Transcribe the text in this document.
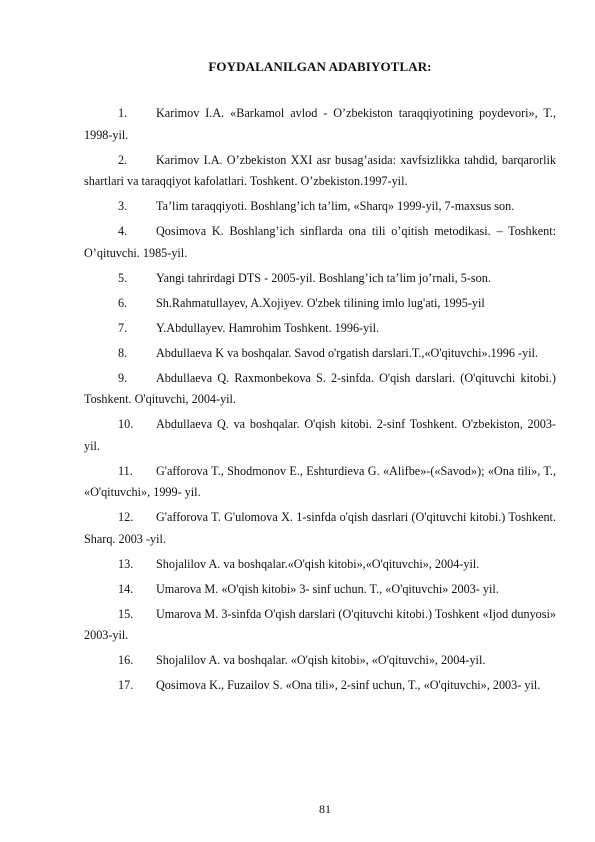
FOYDALANILGAN ADABIYOTLAR:
1. Karimov I.A. «Barkamol avlod - O’zbekiston taraqqiyotining poydevori», T., 1998-yil.
2. Karimov I.A. O’zbekiston XXI asr busag’asida: xavfsizlikka tahdid, barqarorlik shartlari va taraqqiyot kafolatlari. Toshkent. O’zbekiston.1997-yil.
3. Ta’lim taraqqiyoti. Boshlang’ich ta’lim, «Sharq» 1999-yil, 7-maxsus son.
4. Qosimova K. Boshlang’ich sinflarda ona tili o’qitish metodikasi. – Toshkent: O’qituvchi. 1985-yil.
5. Yangi tahrirdagi DTS - 2005-yil. Boshlang’ich ta’lim jo’rnali, 5-son.
6. Sh.Rahmatullayev, A.Xojiyev. O'zbek tilining imlo lug'ati, 1995-yil
7. Y.Abdullayev. Hamrohim Toshkent. 1996-yil.
8. Abdullaeva K va boshqalar. Savod o'rgatish darslari.T.,«O'qituvchi».1996 -yil.
9. Abdullaeva Q. Raxmonbekova S. 2-sinfda. O'qish darslari. (O'qituvchi kitobi.) Toshkent. O'qituvchi, 2004-yil.
10. Abdullaeva Q. va boshqalar. O'qish kitobi. 2-sinf Toshkent. O'zbekiston, 2003-yil.
11. G'afforova T., Shodmonov E., Eshturdieva G. «Alifbe»-(«Savod»); «Ona tili», T., «O'qituvchi», 1999- yil.
12. G'afforova T. G'ulomova X. 1-sinfda o'qish dasrlari (O'qituvchi kitobi.) Toshkent. Sharq. 2003 -yil.
13. Shojalilov A. va boshqalar.«O'qish kitobi»,«O'qituvchi», 2004-yil.
14. Umarova M. «O'qish kitobi» 3- sinf uchun. T., «O'qituvchi» 2003- yil.
15. Umarova M. 3-sinfda O'qish darslari (O'qituvchi kitobi.) Toshkent «Ijod dunyosi» 2003-yil.
16. Shojalilov A. va boshqalar. «O'qish kitobi», «O'qituvchi», 2004-yil.
17. Qosimova K., Fuzailov S. «Ona tili», 2-sinf uchun, T., «O'qituvchi», 2003- yil.
81
